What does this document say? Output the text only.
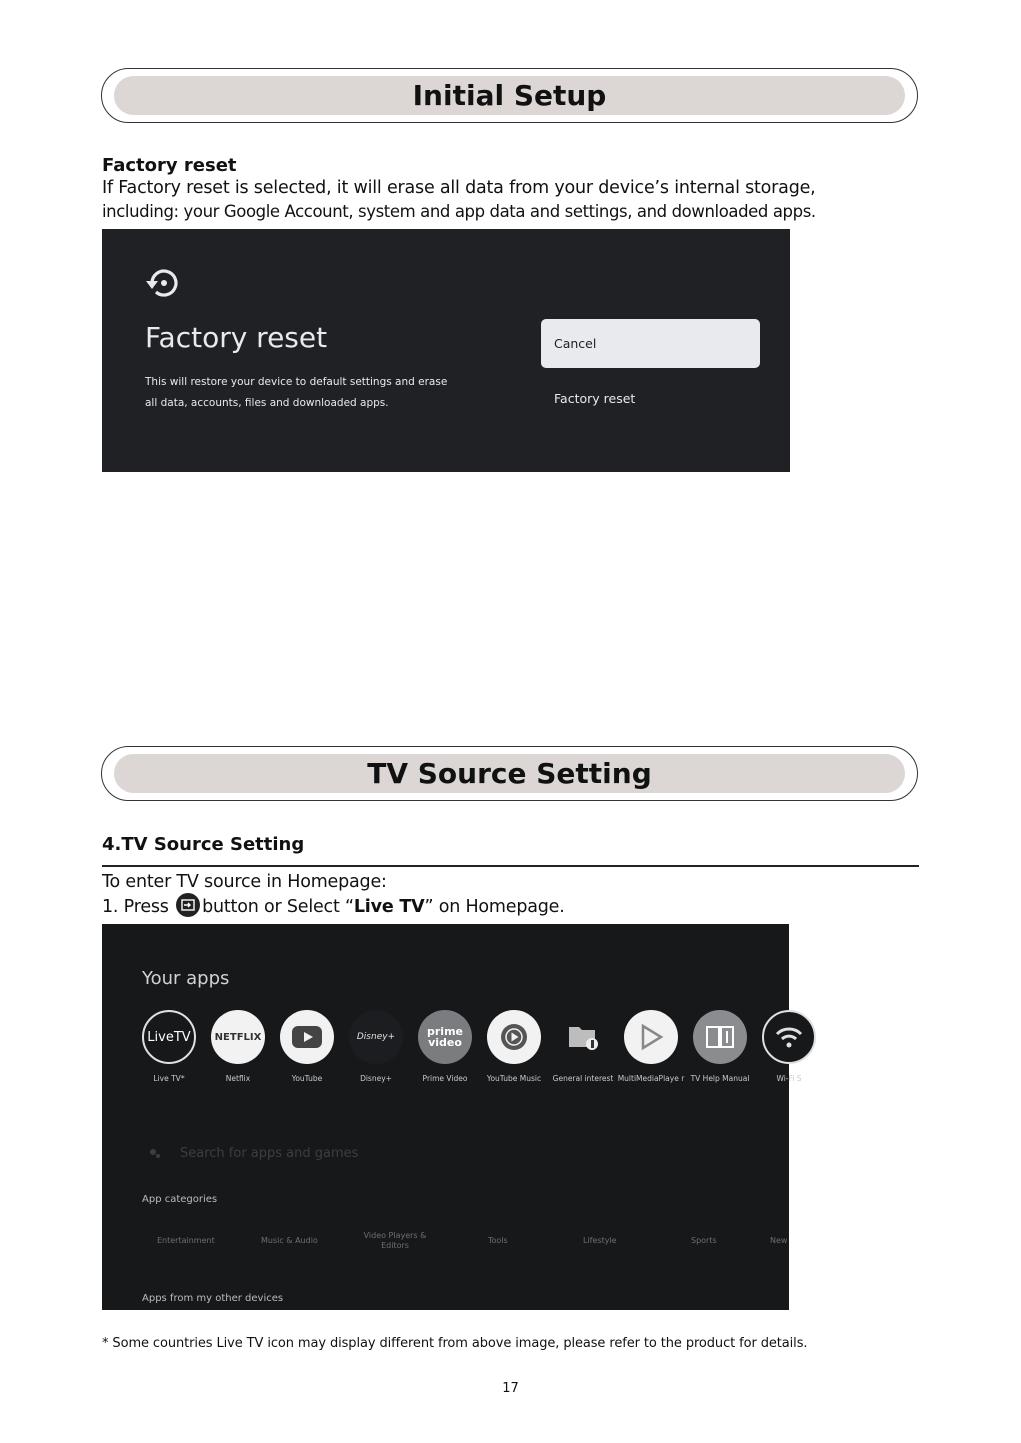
Initial Setup
Factory reset
If Factory reset is selected, it will erase all data from your device’s internal storage,
including: your Google Account, system and app data and settings, and downloaded apps.
Factory reset
This will restore your device to default settings and erase
all data, accounts, files and downloaded apps.
Cancel
Factory reset
TV Source Setting
4.TV Source Setting
To enter TV source in Homepage:
1. Press
button or Select “Live TV” on Homepage.
Your apps
LiveTV
Live TV*
NETFLIX
Netflix	YouTube
Disney+
Disney+
prime
video
Prime Video	YouTube Music	General interest MultiMediaPlaye r TV Help Manual	Wi-Fi S
Search for apps and games
App categories
Entertainment	Music & Audio
Video Players & Editors
Tools	Lifestyle	Sports	New
Apps from my other devices
* Some countries Live TV icon may display different from above image, please refer to the product for details.
17
